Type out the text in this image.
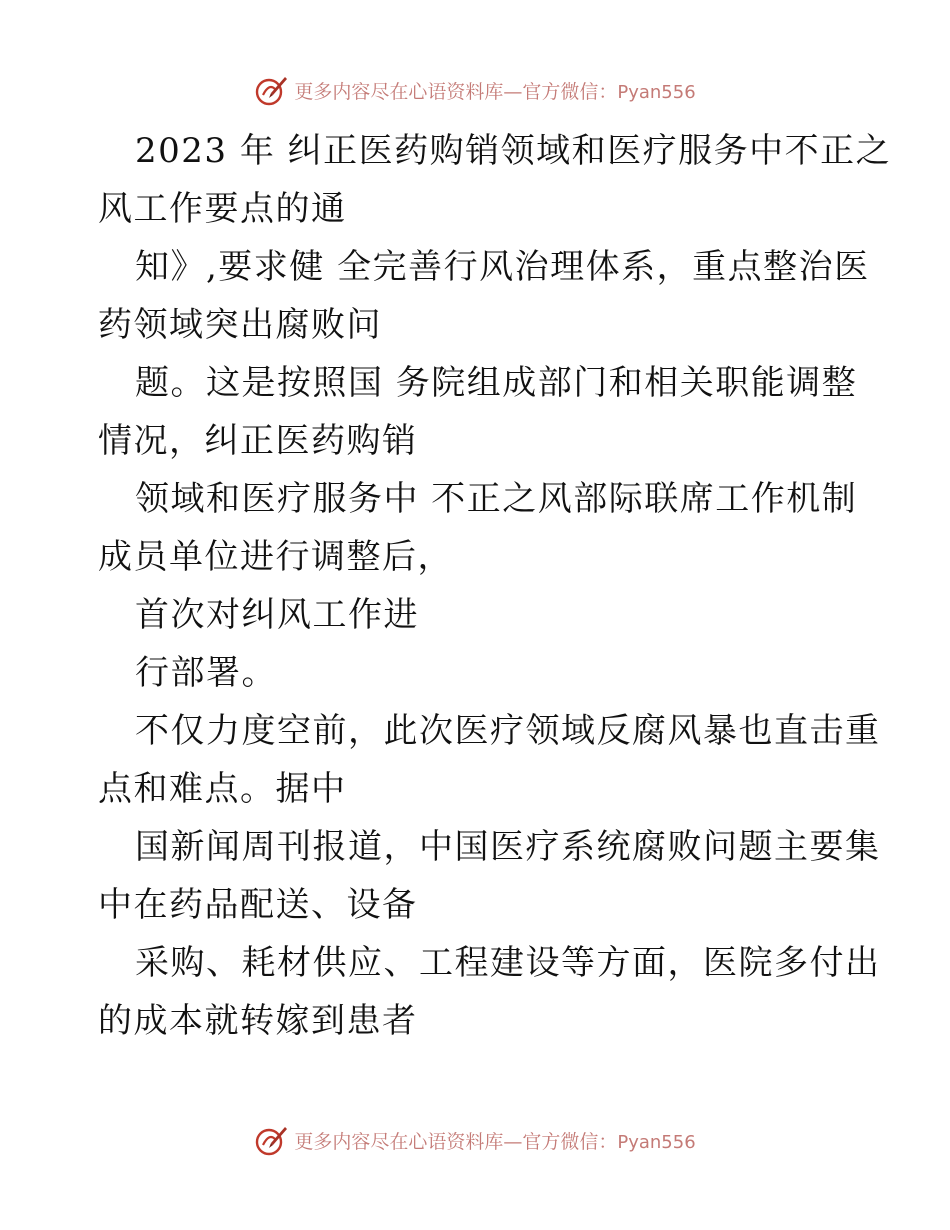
更多内容尽在心语资料库—官方微信：Pyan556
2023 年 纠正医药购销领域和医疗服务中不正之
风工作要点的通
知》,要求健 全完善行风治理体系，重点整治医
药领域突出腐败问
题。这是按照国 务院组成部门和相关职能调整
情况，纠正医药购销
领域和医疗服务中 不正之风部际联席工作机制
成员单位进行调整后，
首次对纠风工作进
行部署。
不仅力度空前，此次医疗领域反腐风暴也直击重
点和难点。据中
国新闻周刊报道，中国医疗系统腐败问题主要集
中在药品配送、设备
采购、耗材供应、工程建设等方面，医院多付出
的成本就转嫁到患者
更多内容尽在心语资料库—官方微信：Pyan556
